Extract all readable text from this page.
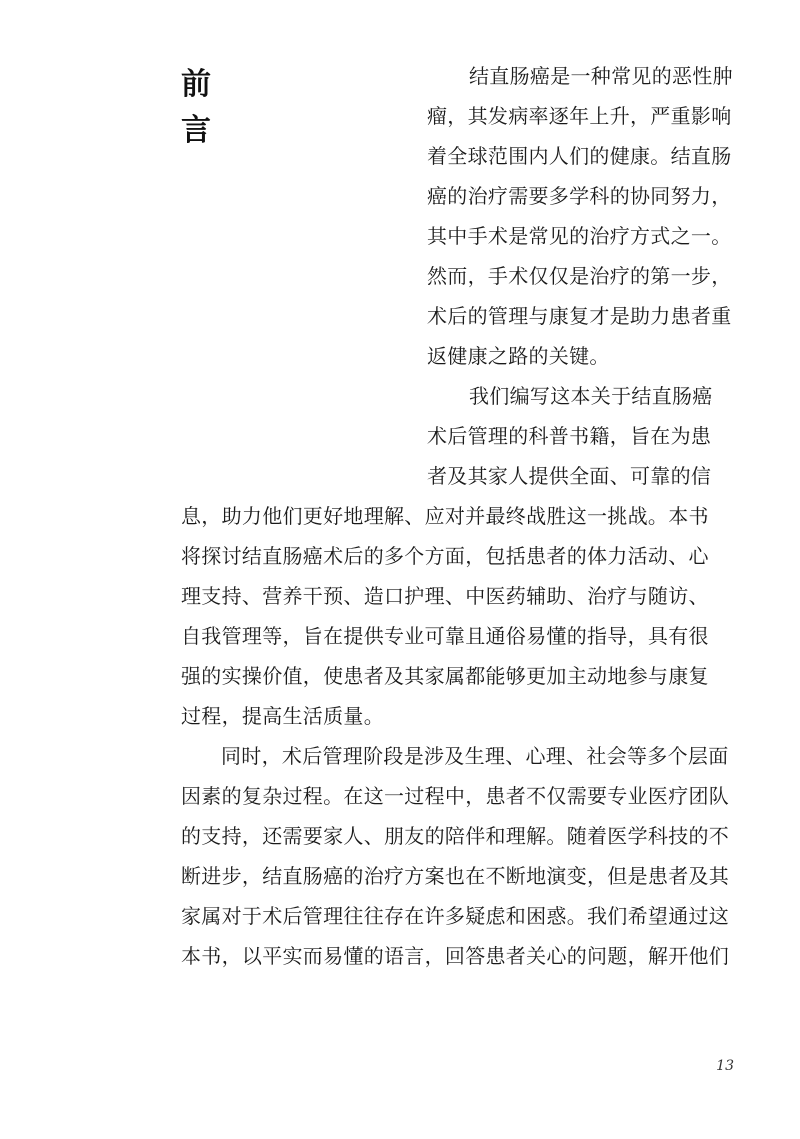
前
言
结直肠癌是一种常见的恶性肿
瘤，其发病率逐年上升，严重影响
着全球范围内人们的健康。结直肠
癌的治疗需要多学科的协同努力，
其中手术是常见的治疗方式之一。
然而，手术仅仅是治疗的第一步，
术后的管理与康复才是助力患者重
返健康之路的关键。
我们编写这本关于结直肠癌
术后管理的科普书籍，旨在为患
者及其家人提供全面、可靠的信
息，助力他们更好地理解、应对并最终战胜这一挑战。本书
将探讨结直肠癌术后的多个方面，包括患者的体力活动、心
理支持、营养干预、造口护理、中医药辅助、治疗与随访、
自我管理等，旨在提供专业可靠且通俗易懂的指导，具有很
强的实操价值，使患者及其家属都能够更加主动地参与康复
过程，提高生活质量。
同时，术后管理阶段是涉及生理、心理、社会等多个层面
因素的复杂过程。在这一过程中，患者不仅需要专业医疗团队
的支持，还需要家人、朋友的陪伴和理解。随着医学科技的不
断进步，结直肠癌的治疗方案也在不断地演变，但是患者及其
家属对于术后管理往往存在许多疑虑和困惑。我们希望通过这
本书，以平实而易懂的语言，回答患者关心的问题，解开他们
13
